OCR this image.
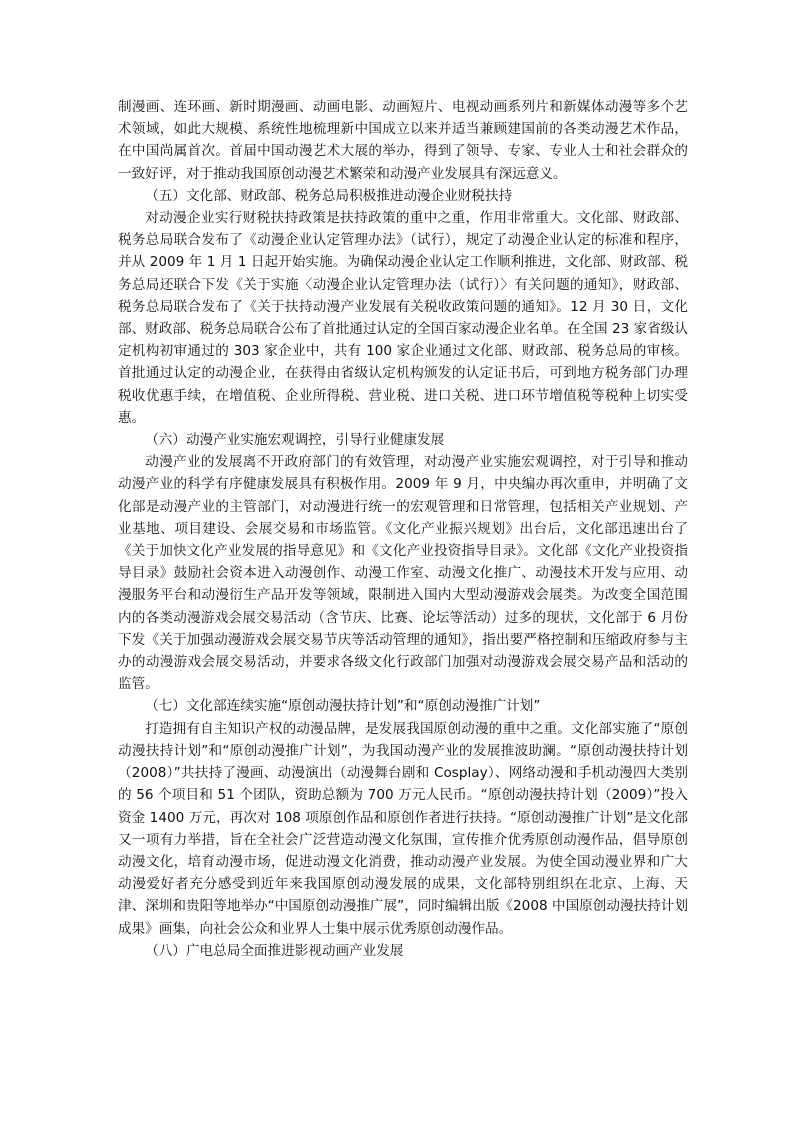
制漫画、连环画、新时期漫画、动画电影、动画短片、电视动画系列片和新媒体动漫等多个艺术领域，如此大规模、系统性地梳理新中国成立以来并适当兼顾建国前的各类动漫艺术作品，在中国尚属首次。首届中国动漫艺术大展的举办，得到了领导、专家、专业人士和社会群众的一致好评，对于推动我国原创动漫艺术繁荣和动漫产业发展具有深远意义。

（五）文化部、财政部、税务总局积极推进动漫企业财税扶持

对动漫企业实行财税扶持政策是扶持政策的重中之重，作用非常重大。文化部、财政部、税务总局联合发布了《动漫企业认定管理办法》（试行），规定了动漫企业认定的标准和程序，并从 2009 年 1 月 1 日起开始实施。为确保动漫企业认定工作顺利推进，文化部、财政部、税务总局还联合下发《关于实施〈动漫企业认定管理办法（试行）〉有关问题的通知》，财政部、税务总局联合发布了《关于扶持动漫产业发展有关税收政策问题的通知》。12 月 30 日，文化部、财政部、税务总局联合公布了首批通过认定的全国百家动漫企业名单。在全国 23 家省级认定机构初审通过的 303 家企业中，共有 100 家企业通过文化部、财政部、税务总局的审核。首批通过认定的动漫企业，在获得由省级认定机构颁发的认定证书后，可到地方税务部门办理税收优惠手续，在增值税、企业所得税、营业税、进口关税、进口环节增值税等税种上切实受惠。

（六）动漫产业实施宏观调控，引导行业健康发展

动漫产业的发展离不开政府部门的有效管理，对动漫产业实施宏观调控，对于引导和推动动漫产业的科学有序健康发展具有积极作用。2009 年 9 月，中央编办再次重申，并明确了文化部是动漫产业的主管部门，对动漫进行统一的宏观管理和日常管理，包括相关产业规划、产业基地、项目建设、会展交易和市场监管。《文化产业振兴规划》出台后，文化部迅速出台了《关于加快文化产业发展的指导意见》和《文化产业投资指导目录》。文化部《文化产业投资指导目录》鼓励社会资本进入动漫创作、动漫工作室、动漫文化推广、动漫技术开发与应用、动漫服务平台和动漫衍生产品开发等领域，限制进入国内大型动漫游戏会展类。为改变全国范围内的各类动漫游戏会展交易活动（含节庆、比赛、论坛等活动）过多的现状，文化部于 6 月份下发《关于加强动漫游戏会展交易节庆等活动管理的通知》，指出要严格控制和压缩政府参与主办的动漫游戏会展交易活动，并要求各级文化行政部门加强对动漫游戏会展交易产品和活动的监管。

（七）文化部连续实施“原创动漫扶持计划”和“原创动漫推广计划”

打造拥有自主知识产权的动漫品牌，是发展我国原创动漫的重中之重。文化部实施了“原创动漫扶持计划”和“原创动漫推广计划”，为我国动漫产业的发展推波助澜。“原创动漫扶持计划（2008）”共扶持了漫画、动漫演出（动漫舞台剧和 Cosplay）、网络动漫和手机动漫四大类别的 56 个项目和 51 个团队，资助总额为 700 万元人民币。“原创动漫扶持计划（2009）”投入资金 1400 万元，再次对 108 项原创作品和原创作者进行扶持。“原创动漫推广计划”是文化部又一项有力举措，旨在全社会广泛营造动漫文化氛围，宣传推介优秀原创动漫作品，倡导原创动漫文化，培育动漫市场，促进动漫文化消费，推动动漫产业发展。为使全国动漫业界和广大动漫爱好者充分感受到近年来我国原创动漫发展的成果，文化部特别组织在北京、上海、天津、深圳和贵阳等地举办“中国原创动漫推广展”，同时编辑出版《2008 中国原创动漫扶持计划成果》画集，向社会公众和业界人士集中展示优秀原创动漫作品。

（八）广电总局全面推进影视动画产业发展
